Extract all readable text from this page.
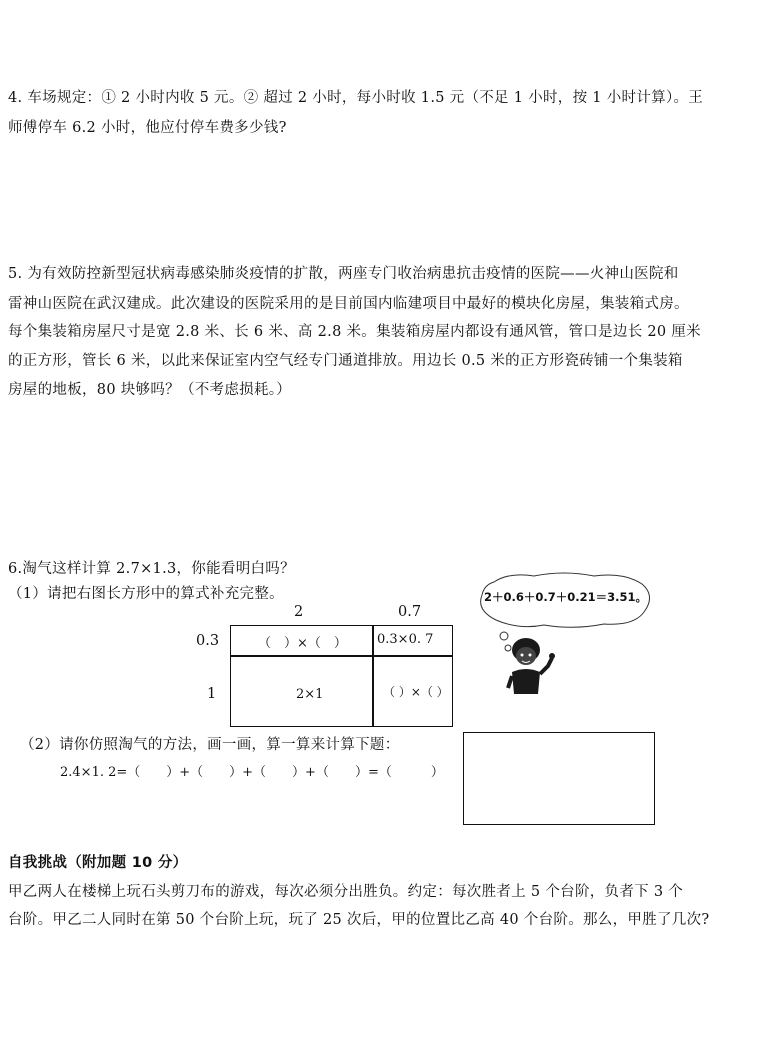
4. 车场规定：① 2 小时内收 5 元。② 超过 2 小时，每小时收 1.5 元（不足 1 小时，按 1 小时计算）。王
师傅停车 6.2 小时，他应付停车费多少钱?
5. 为有效防控新型冠状病毒感染肺炎疫情的扩散，两座专门收治病患抗击疫情的医院——火神山医院和
雷神山医院在武汉建成。此次建设的医院采用的是目前国内临建项目中最好的模块化房屋，集装箱式房。
每个集装箱房屋尺寸是宽 2.8 米、长 6 米、高 2.8 米。集装箱房屋内都设有通风管，管口是边长 20 厘米
的正方形，管长 6 米，以此来保证室内空气经专门通道排放。用边长 0.5 米的正方形瓷砖铺一个集装箱
房屋的地板，80 块够吗？（不考虑损耗。）
6.淘气这样计算 2.7×1.3，你能看明白吗？
（1）请把右图长方形中的算式补充完整。
2	0.7
0.3
1
（　）×（　） 0.3×0. 7
2×1	（ ）×（ ）
2＋0.6＋0.7＋0.21＝3.51。
（2）请你仿照淘气的方法，画一画，算一算来计算下题：
2.4×1. 2=（　　）+（　　）+（　　）+（　　）=（　　　）
自我挑战（附加题 10 分）
甲乙两人在楼梯上玩石头剪刀布的游戏，每次必须分出胜负。约定：每次胜者上 5 个台阶，负者下 3 个
台阶。甲乙二人同时在第 50 个台阶上玩，玩了 25 次后，甲的位置比乙高 40 个台阶。那么，甲胜了几次?
